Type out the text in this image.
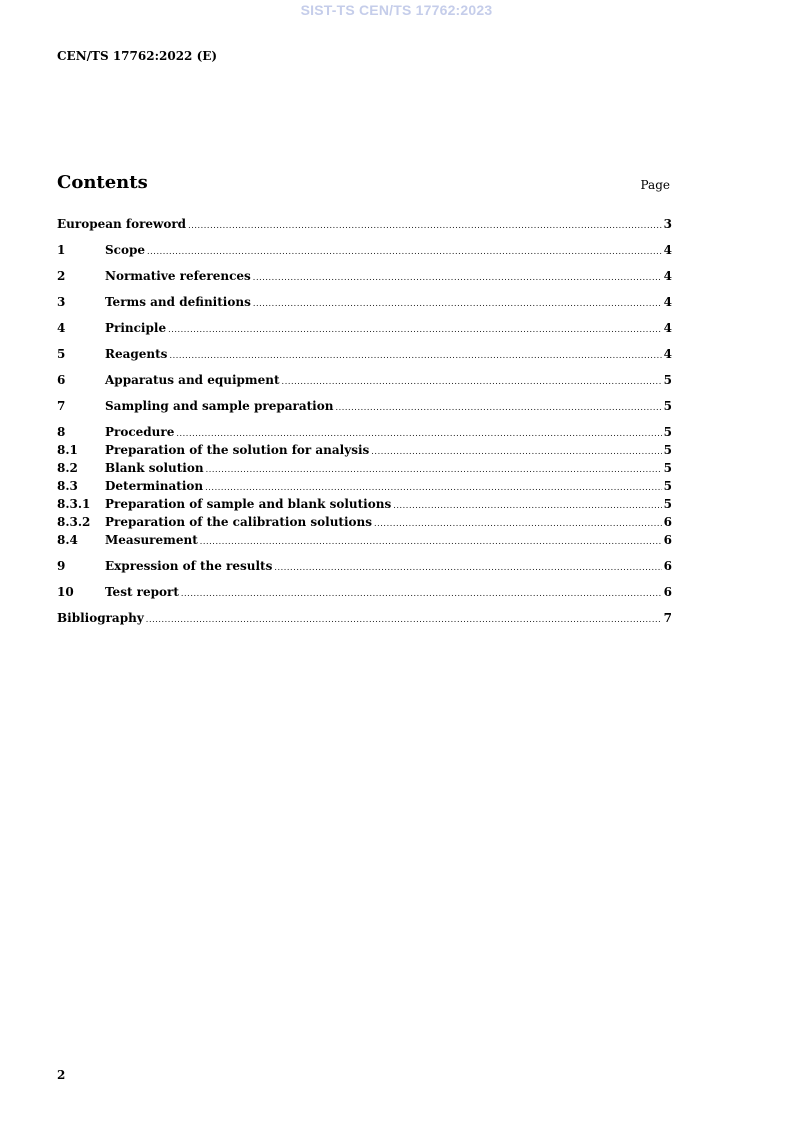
SIST-TS CEN/TS 17762:2023
CEN/TS 17762:2022 (E)
Contents	Page
European foreword .....	3
1	Scope .....	4
2	Normative references .....	4
3	Terms and definitions .....	4
4	Principle .....	4
5	Reagents .....	4
6	Apparatus and equipment .....	5
7	Sampling and sample preparation .....	5
8	Procedure .....	5
8.1	Preparation of the solution for analysis .....	5
8.2	Blank solution .....	5
8.3	Determination .....	5
8.3.1	Preparation of sample and blank solutions .....	5
8.3.2	Preparation of the calibration solutions .....	6
8.4	Measurement .....	6
9	Expression of the results .....	6
10	Test report .....	6
Bibliography .....	7
2
